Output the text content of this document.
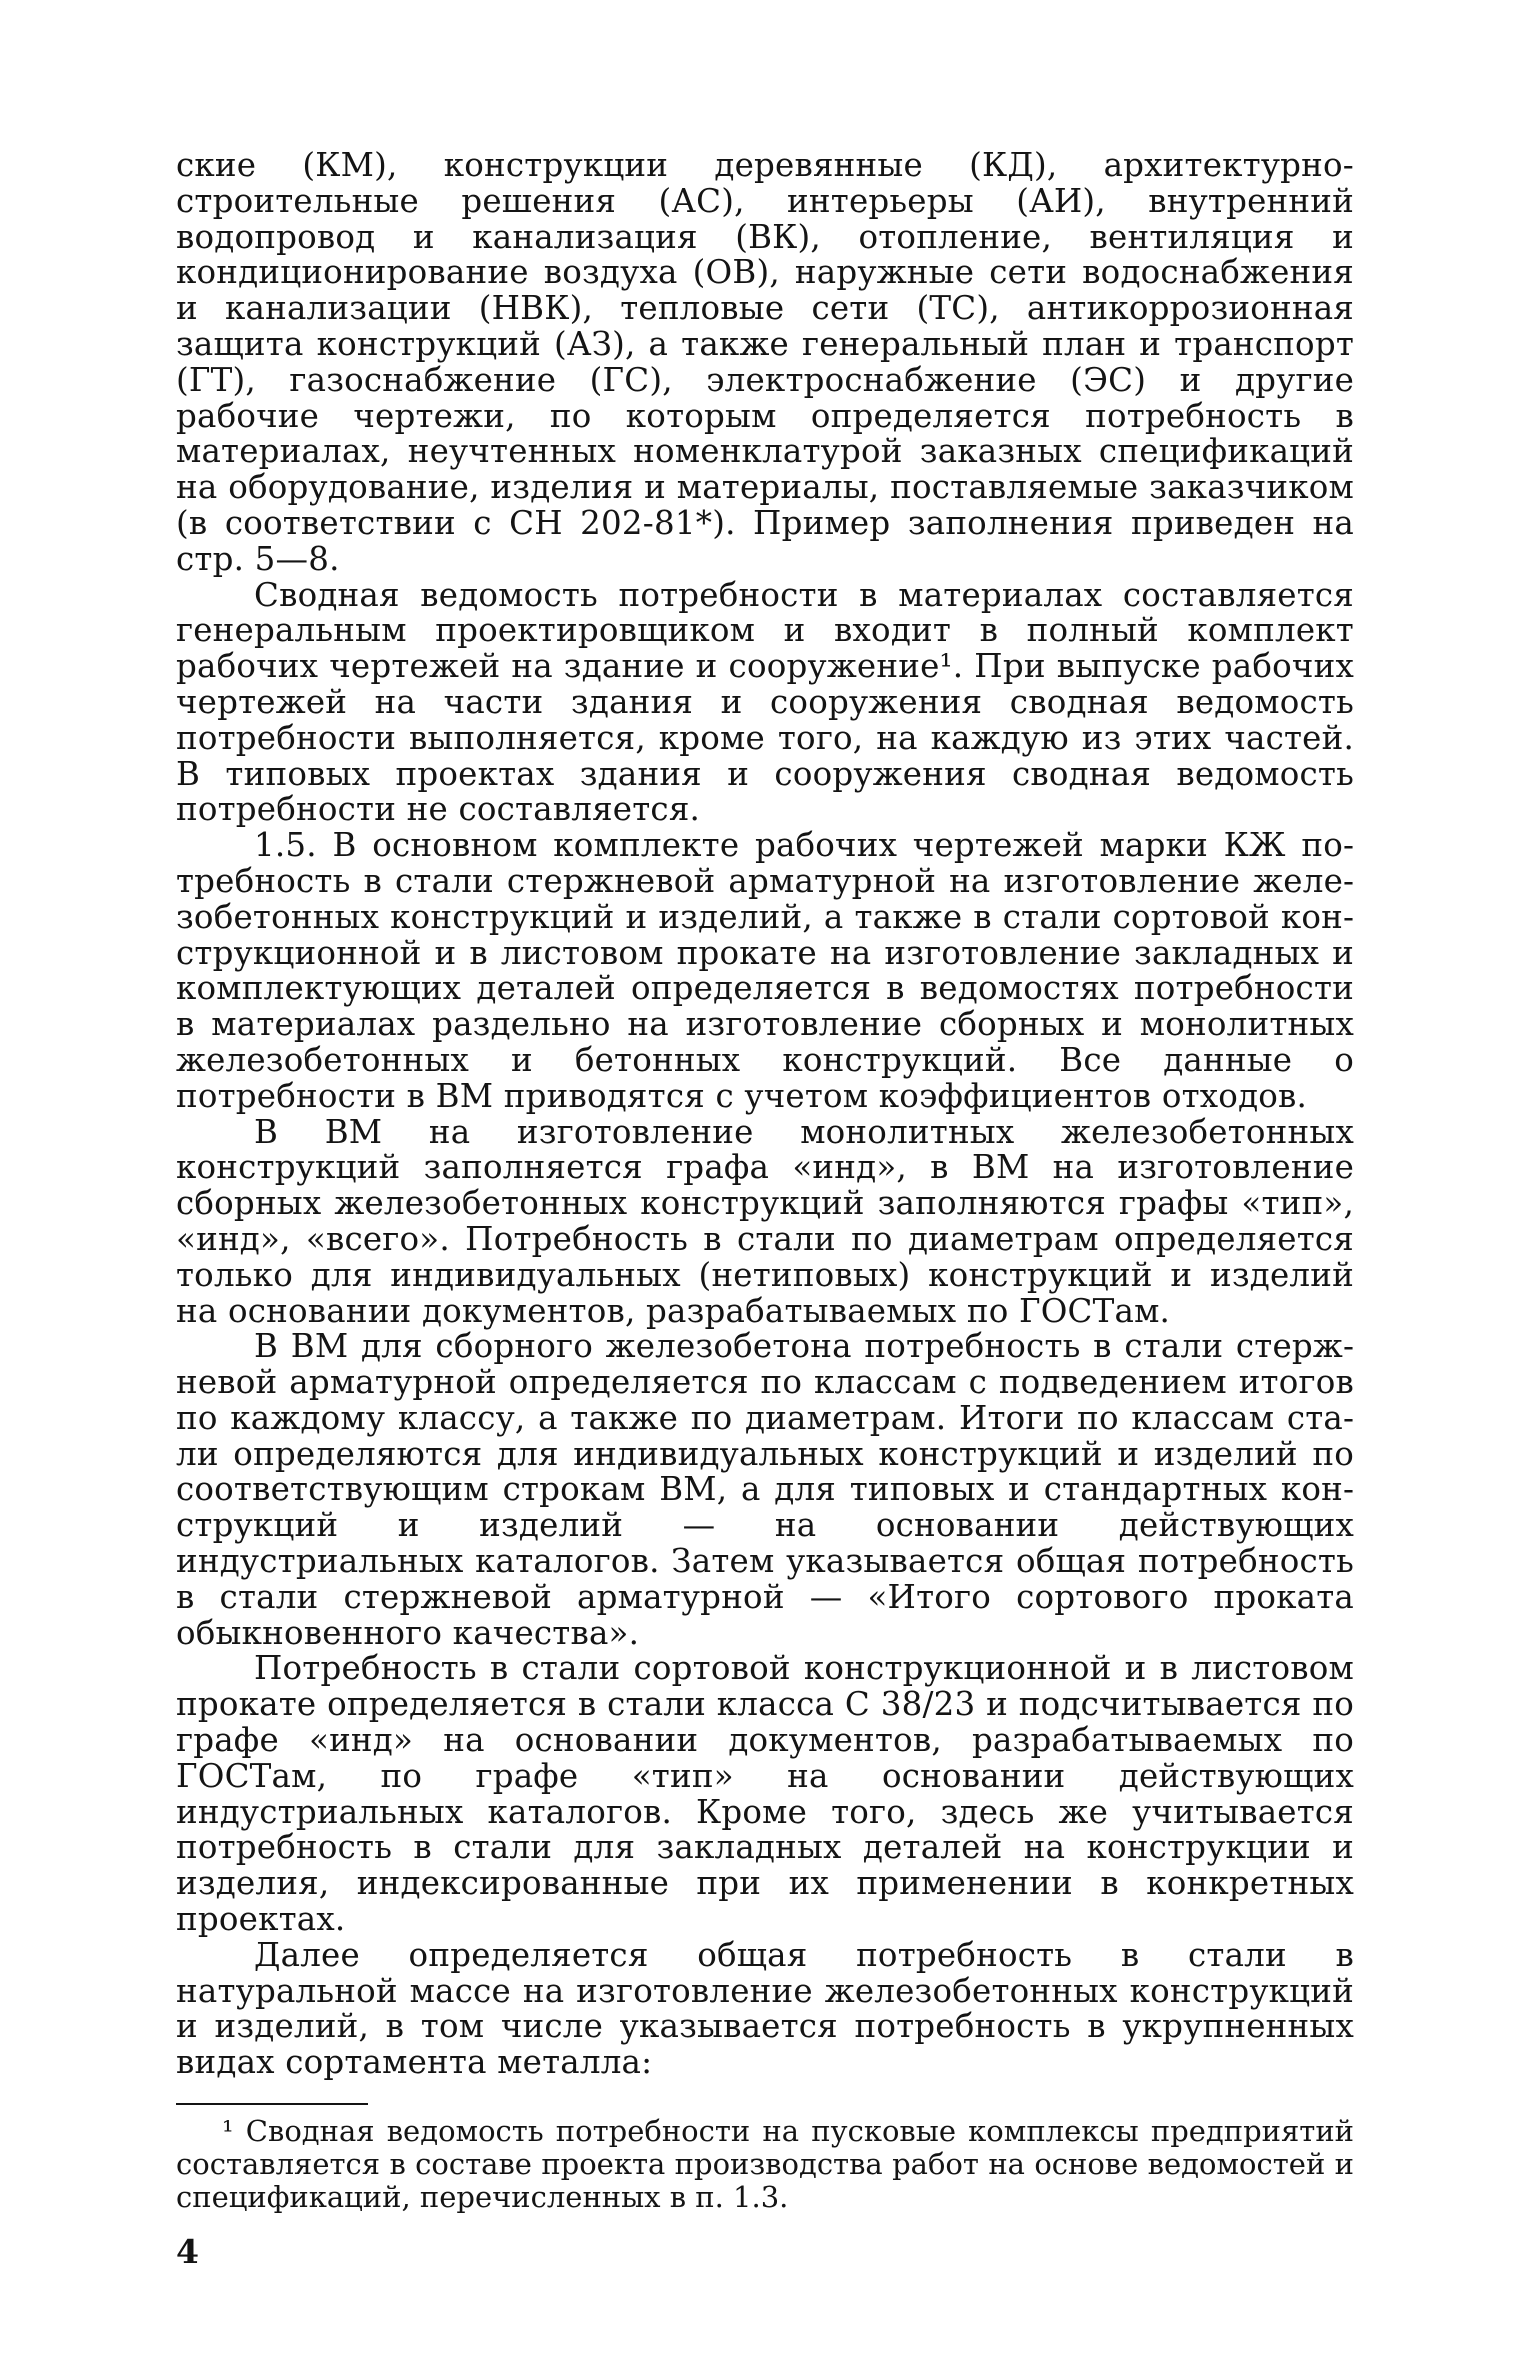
ские (КМ), конструкции деревянные (КД), архитектурно-строительные решения (АС), интерьеры (АИ), внутренний водопровод и канализация (ВК), отопление, вентиляция и кондиционирование воздуха (ОВ), наружные сети водоснабжения и канализации (НВК), тепловые сети (ТС), антикоррозионная защита конструкций (АЗ), а также генеральный план и транспорт (ГТ), газоснабжение (ГС), электроснабжение (ЭС) и другие рабочие чертежи, по которым определяется потребность в материалах, неучтенных номенклатурой заказных спецификаций на оборудование, изделия и материалы, поставляемые заказчиком (в соответствии с СН 202-81*). Пример заполнения приведен на стр. 5—8.

Сводная ведомость потребности в материалах составляется генеральным проектировщиком и входит в полный комплект рабочих чертежей на здание и сооружение¹. При выпуске рабочих чертежей на части здания и сооружения сводная ведомость потребности выполняется, кроме того, на каждую из этих частей. В типовых проектах здания и сооружения сводная ведомость потребности не составляется.

1.5. В основном комплекте рабочих чертежей марки КЖ потребность в стали стержневой арматурной на изготовление железобетонных конструкций и изделий, а также в стали сортовой конструкционной и в листовом прокате на изготовление закладных и комплектующих деталей определяется в ведомостях потребности в материалах раздельно на изготовление сборных и монолитных железобетонных и бетонных конструкций. Все данные о потребности в ВМ приводятся с учетом коэффициентов отходов.

В ВМ на изготовление монолитных железобетонных конструкций заполняется графа «инд», в ВМ на изготовление сборных железобетонных конструкций заполняются графы «тип», «инд», «всего». Потребность в стали по диаметрам определяется только для индивидуальных (нетиповых) конструкций и изделий на основании документов, разрабатываемых по ГОСТам.

В ВМ для сборного железобетона потребность в стали стержневой арматурной определяется по классам с подведением итогов по каждому классу, а также по диаметрам. Итоги по классам стали определяются для индивидуальных конструкций и изделий по соответствующим строкам ВМ, а для типовых и стандартных конструкций и изделий — на основании действующих индустриальных каталогов. Затем указывается общая потребность в стали стержневой арматурной — «Итого сортового проката обыкновенного качества».

Потребность в стали сортовой конструкционной и в листовом прокате определяется в стали класса С 38/23 и подсчитывается по графе «инд» на основании документов, разрабатываемых по ГОСТам, по графе «тип» на основании действующих индустриальных каталогов. Кроме того, здесь же учитывается потребность в стали для закладных деталей на конструкции и изделия, индексированные при их применении в конкретных проектах.

Далее определяется общая потребность в стали в натуральной массе на изготовление железобетонных конструкций и изделий, в том числе указывается потребность в укрупненных видах сортамента металла:

¹ Сводная ведомость потребности на пусковые комплексы предприятий составляется в составе проекта производства работ на основе ведомостей и спецификаций, перечисленных в п. 1.3.

4
